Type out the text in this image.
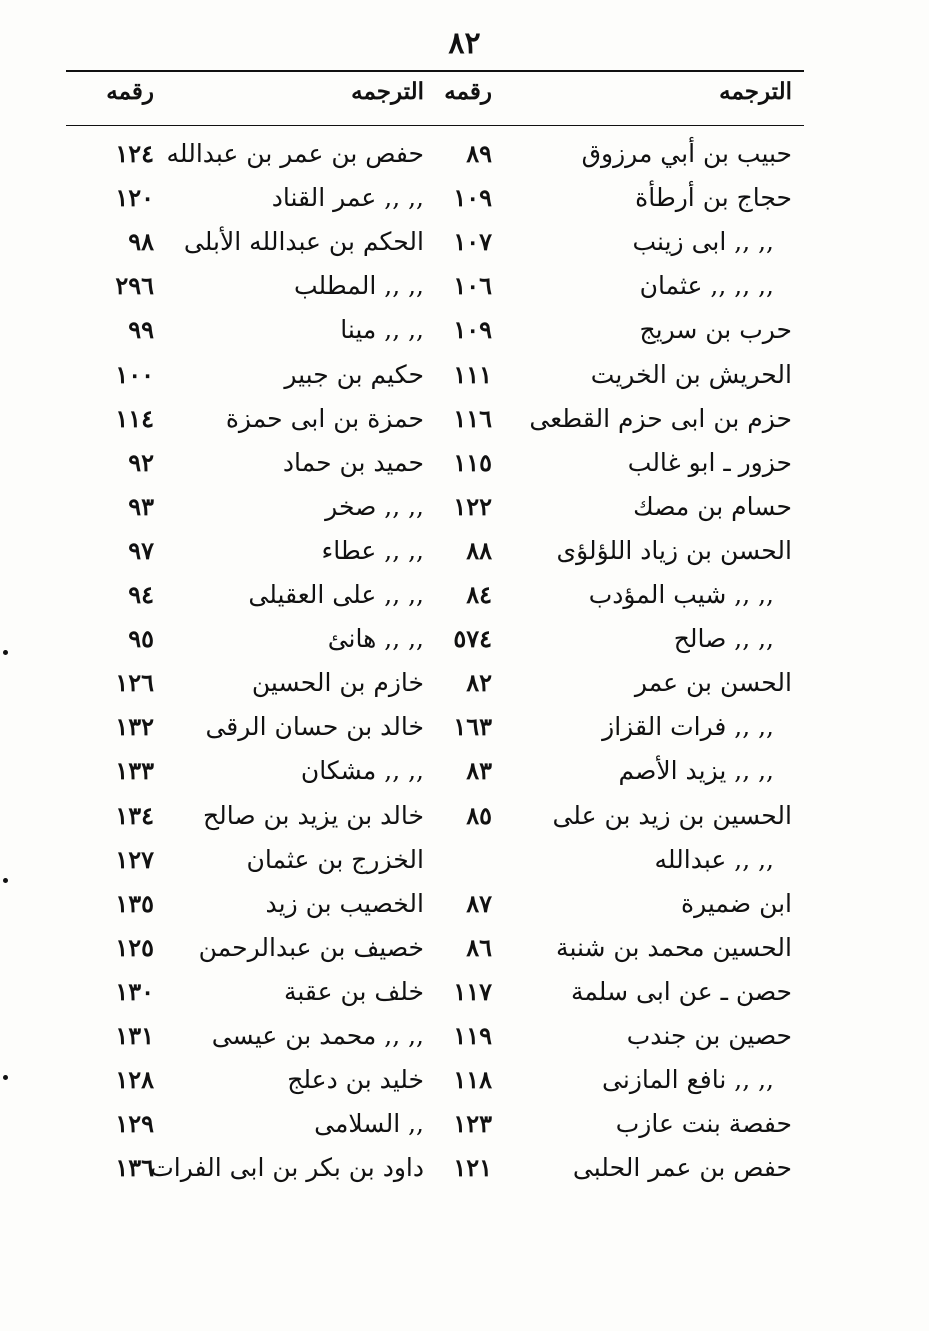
٨٢
الترجمه
رقمه
الترجمه
رقمه
حبيب بن أبي مرزوق
٨٩
حفص بن عمر بن عبدالله
١٢٤
حجاج بن أرطأة
١٠٩
,, ,, عمر القناد
١٢٠
,, ,, ابى زينب
١٠٧
الحكم بن عبدالله الأبلى
٩٨
,, ,, ,, عثمان
١٠٦
,, ,, المطلب
٢٩٦
حرب بن سريج
١٠٩
,, ,, مينا
٩٩
الحريش بن الخريت
١١١
حكيم بن جبير
١٠٠
حزم بن ابى حزم القطعى
١١٦
حمزة بن ابى حمزة
١١٤
حزور ـ ابو غالب
١١٥
حميد بن حماد
٩٢
حسام بن مصك
١٢٢
,, ,, صخر
٩٣
الحسن بن زياد اللؤلؤى
٨٨
,, ,, عطاء
٩٧
,, ,, شيب المؤدب
٨٤
,, ,, على العقيلى
٩٤
,, ,, صالح
٥٧٤
,, ,, هانئ
٩٥
الحسن بن عمر
٨٢
خازم بن الحسين
١٢٦
,, ,, فرات القزاز
١٦٣
خالد بن حسان الرقى
١٣٢
,, ,, يزيد الأصم
٨٣
,, ,, مشكان
١٣٣
الحسين بن زيد بن على
٨٥
خالد بن يزيد بن صالح
١٣٤
,, ,, عبدالله
الخزرج بن عثمان
١٢٧
ابن ضميرة
٨٧
الخصيب بن زيد
١٣٥
الحسين محمد بن شنبة
٨٦
خصيف بن عبدالرحمن
١٢٥
حصن ـ عن ابى سلمة
١١٧
خلف بن عقبة
١٣٠
حصين بن جندب
١١٩
,, ,, محمد بن عيسى
١٣١
,, ,, نافع المازنى
١١٨
خليد بن دعلج
١٢٨
حفصة بنت عازب
١٢٣
,, السلامى
١٢٩
حفص بن عمر الحلبى
١٢١
داود بن بكر بن ابى الفرات
١٣٦
